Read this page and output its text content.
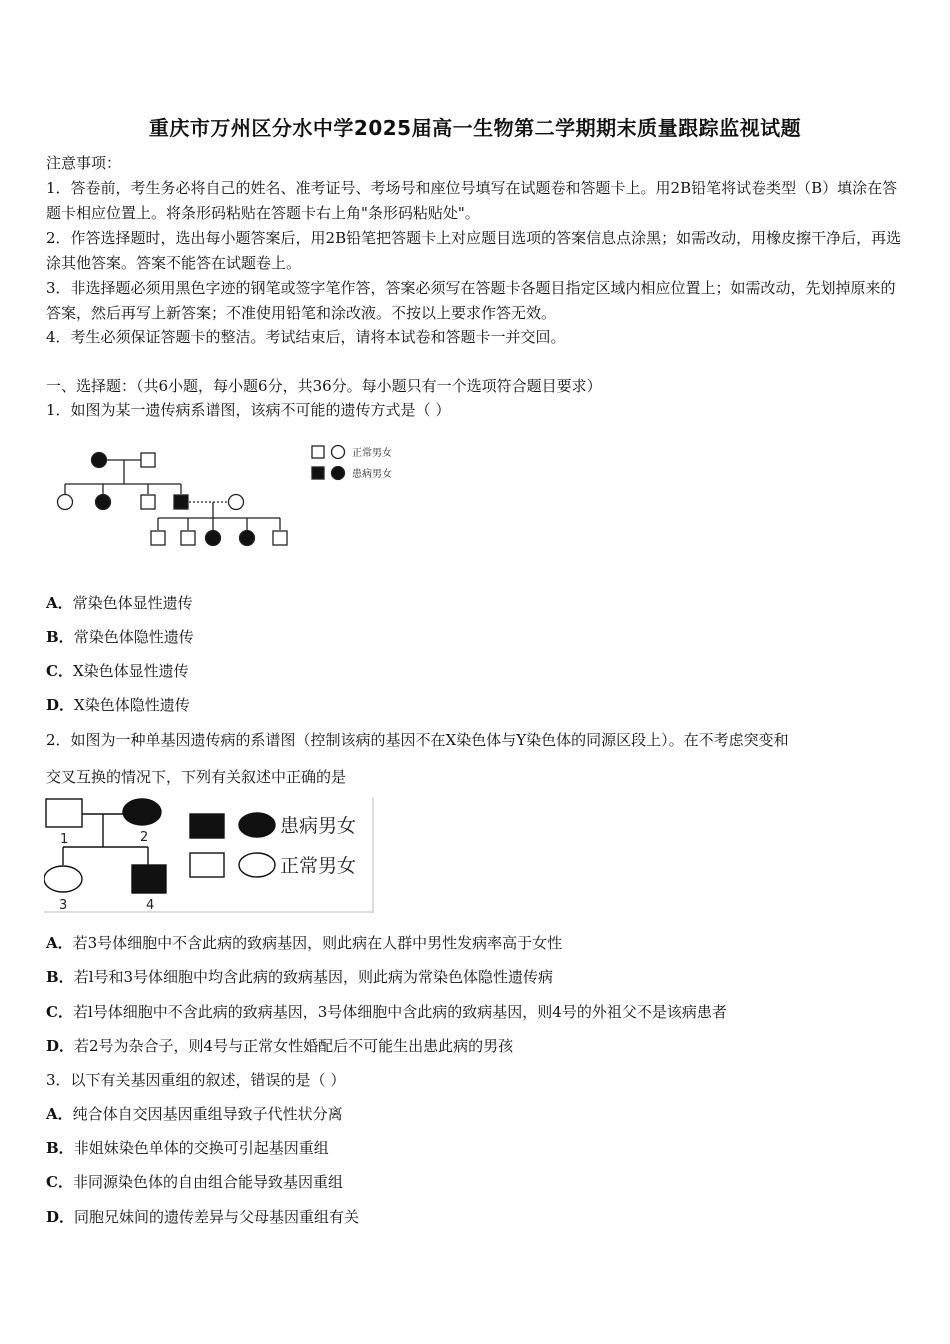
重庆市万州区分水中学2025届高一生物第二学期期末质量跟踪监视试题
注意事项：
1．答卷前，考生务必将自己的姓名、准考证号、考场号和座位号填写在试题卷和答题卡上。用2B铅笔将试卷类型（B）填涂在答题卡相应位置上。将条形码粘贴在答题卡右上角"条形码粘贴处"。
2．作答选择题时，选出每小题答案后，用2B铅笔把答题卡上对应题目选项的答案信息点涂黑；如需改动，用橡皮擦干净后，再选涂其他答案。答案不能答在试题卷上。
3．非选择题必须用黑色字迹的钢笔或签字笔作答，答案必须写在答题卡各题目指定区域内相应位置上；如需改动，先划掉原来的答案，然后再写上新答案；不准使用铅笔和涂改液。不按以上要求作答无效。
4．考生必须保证答题卡的整洁。考试结束后，请将本试卷和答题卡一并交回。
一、选择题：（共6小题，每小题6分，共36分。每小题只有一个选项符合题目要求）
1．如图为某一遗传病系谱图，该病不可能的遗传方式是（ ）
正常男女
患病男女
A．常染色体显性遗传
B．常染色体隐性遗传
C．X染色体显性遗传
D．X染色体隐性遗传
2．如图为一种单基因遗传病的系谱图（控制该病的基因不在X染色体与Y染色体的同源区段上）。在不考虑突变和
交叉互换的情况下，下列有关叙述中正确的是
1	2
3	4
患病男女
正常男女
A．若3号体细胞中不含此病的致病基因，则此病在人群中男性发病率高于女性
B．若l号和3号体细胞中均含此病的致病基因，则此病为常染色体隐性遗传病
C．若l号体细胞中不含此病的致病基因，3号体细胞中含此病的致病基因，则4号的外祖父不是该病患者
D．若2号为杂合子，则4号与正常女性婚配后不可能生出患此病的男孩
3．以下有关基因重组的叙述，错误的是（ ）
A．纯合体自交因基因重组导致子代性状分离
B．非姐妹染色单体的交换可引起基因重组
C．非同源染色体的自由组合能导致基因重组
D．同胞兄妹间的遗传差异与父母基因重组有关
